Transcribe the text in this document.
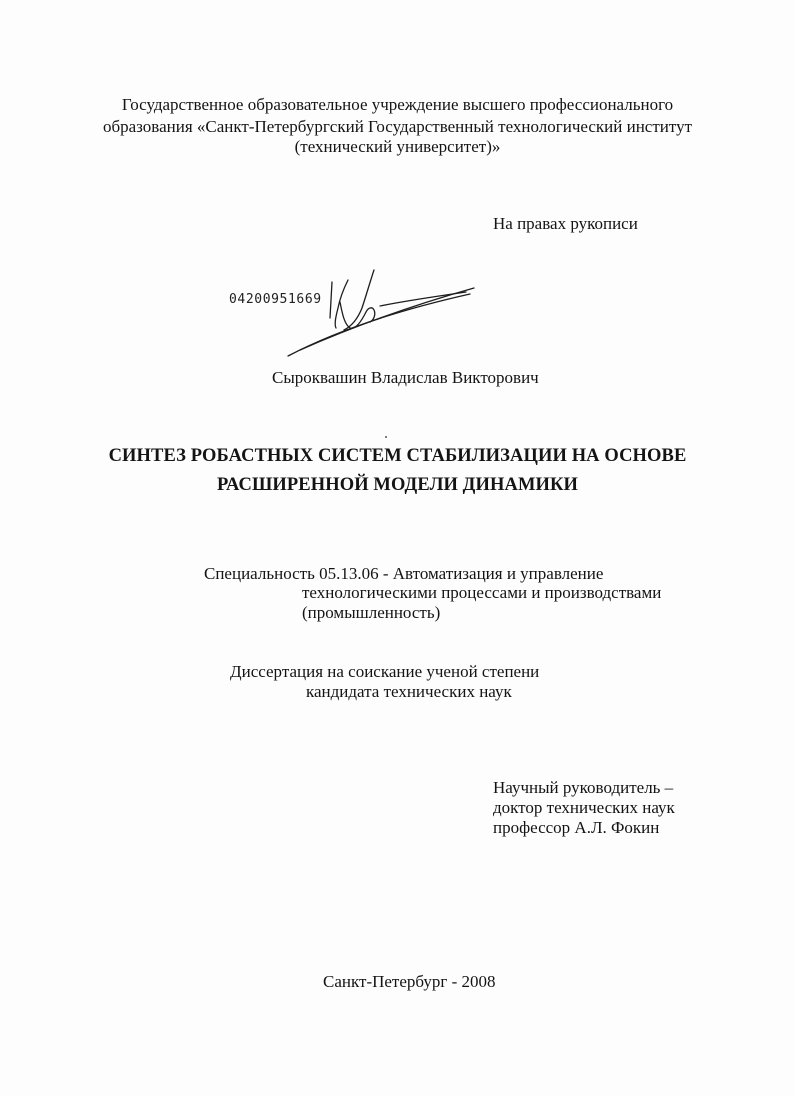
Государственное образовательное учреждение высшего профессионального

образования «Санкт-Петербургский Государственный технологический институт

(технический университет)»

На правах рукописи

04200951669

Сыроквашин Владислав Викторович

СИНТЕЗ РОБАСТНЫХ СИСТЕМ СТАБИЛИЗАЦИИ НА ОСНОВЕ

РАСШИРЕННОЙ МОДЕЛИ ДИНАМИКИ

Специальность 05.13.06 - Автоматизация и управление

технологическими процессами и производствами

(промышленность)

Диссертация на соискание ученой степени

кандидата технических наук

Научный руководитель –

доктор технических наук

профессор А.Л. Фокин

Санкт-Петербург - 2008
